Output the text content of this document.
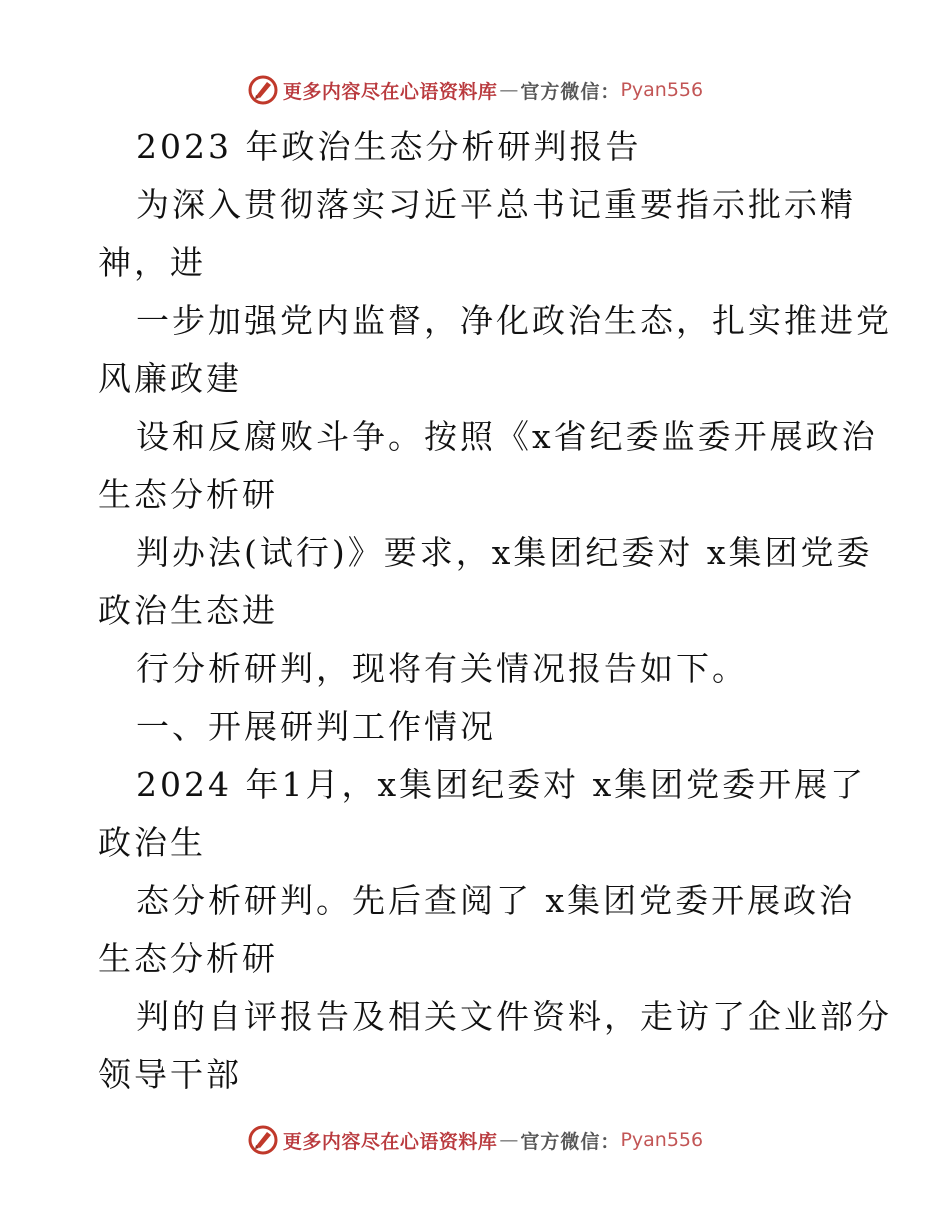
更多内容尽在心语资料库 — 官方微信： Pyan556
2023 年政治生态分析研判报告
为深入贯彻落实习近平总书记重要指示批示精
神，进
一步加强党内监督，净化政治生态，扎实推进党
风廉政建
设和反腐败斗争。按照《x省纪委监委开展政治
生态分析研
判办法(试行)》要求，x集团纪委对 x集团党委
政治生态进
行分析研判，现将有关情况报告如下。
一、开展研判工作情况
2024 年1月，x集团纪委对 x集团党委开展了
政治生
态分析研判。先后查阅了 x集团党委开展政治
生态分析研
判的自评报告及相关文件资料，走访了企业部分
领导干部
更多内容尽在心语资料库 — 官方微信： Pyan556
